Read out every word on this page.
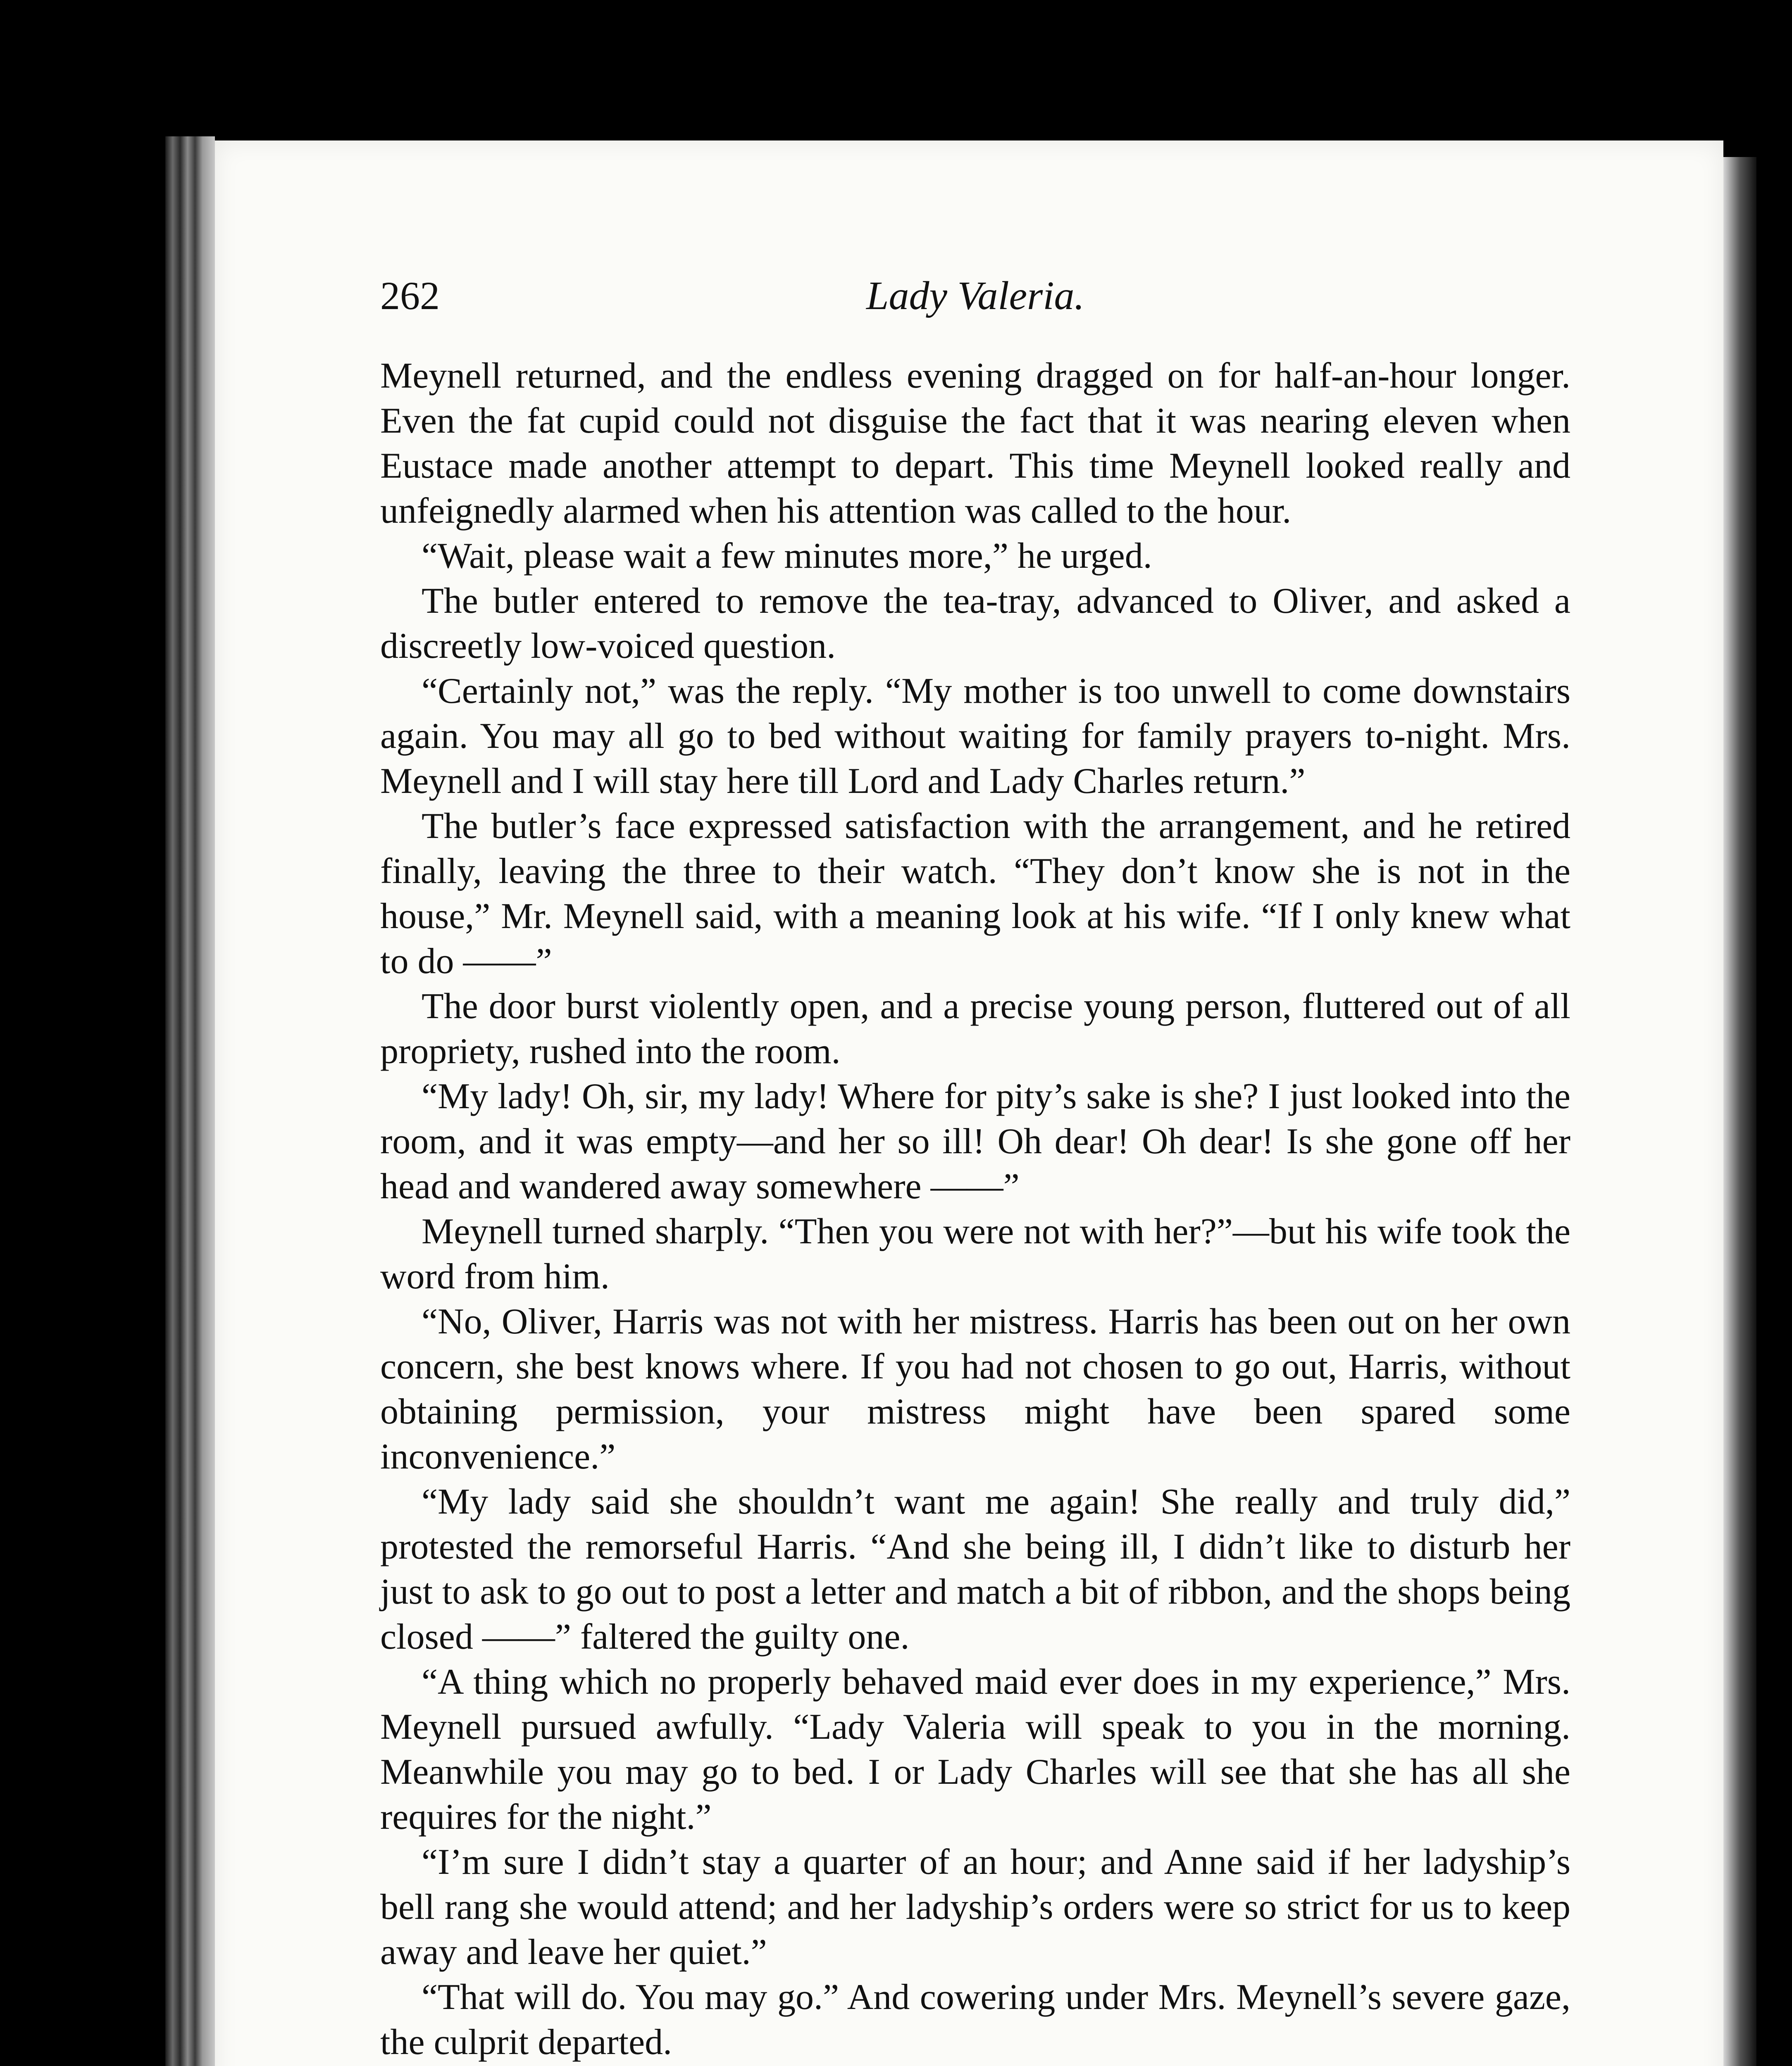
262	Lady Valeria.

Meynell returned, and the endless evening dragged on for half-an-hour longer. Even the fat cupid could not disguise the fact that it was nearing eleven when Eustace made another attempt to depart. This time Meynell looked really and unfeignedly alarmed when his attention was called to the hour.

“Wait, please wait a few minutes more,” he urged.

The butler entered to remove the tea-tray, advanced to Oliver, and asked a discreetly low-voiced question.

“Certainly not,” was the reply. “My mother is too unwell to come downstairs again. You may all go to bed without waiting for family prayers to-night. Mrs. Meynell and I will stay here till Lord and Lady Charles return.”

The butler’s face expressed satisfaction with the arrangement, and he retired finally, leaving the three to their watch. “They don’t know she is not in the house,” Mr. Meynell said, with a meaning look at his wife. “If I only knew what to do ——”

The door burst violently open, and a precise young person, fluttered out of all propriety, rushed into the room.

“My lady! Oh, sir, my lady! Where for pity’s sake is she? I just looked into the room, and it was empty—and her so ill! Oh dear! Oh dear! Is she gone off her head and wandered away somewhere ——”

Meynell turned sharply. “Then you were not with her?”—but his wife took the word from him.

“No, Oliver, Harris was not with her mistress. Harris has been out on her own concern, she best knows where. If you had not chosen to go out, Harris, without obtaining permission, your mistress might have been spared some inconvenience.”

“My lady said she shouldn’t want me again! She really and truly did,” protested the remorseful Harris. “And she being ill, I didn’t like to disturb her just to ask to go out to post a letter and match a bit of ribbon, and the shops being closed ——” faltered the guilty one.

“A thing which no properly behaved maid ever does in my experience,” Mrs. Meynell pursued awfully. “Lady Valeria will speak to you in the morning. Meanwhile you may go to bed. I or Lady Charles will see that she has all she requires for the night.”

“I’m sure I didn’t stay a quarter of an hour; and Anne said if her ladyship’s bell rang she would attend; and her ladyship’s orders were so strict for us to keep away and leave her quiet.”

“That will do. You may go.” And cowering under Mrs. Meynell’s severe gaze, the culprit departed.
